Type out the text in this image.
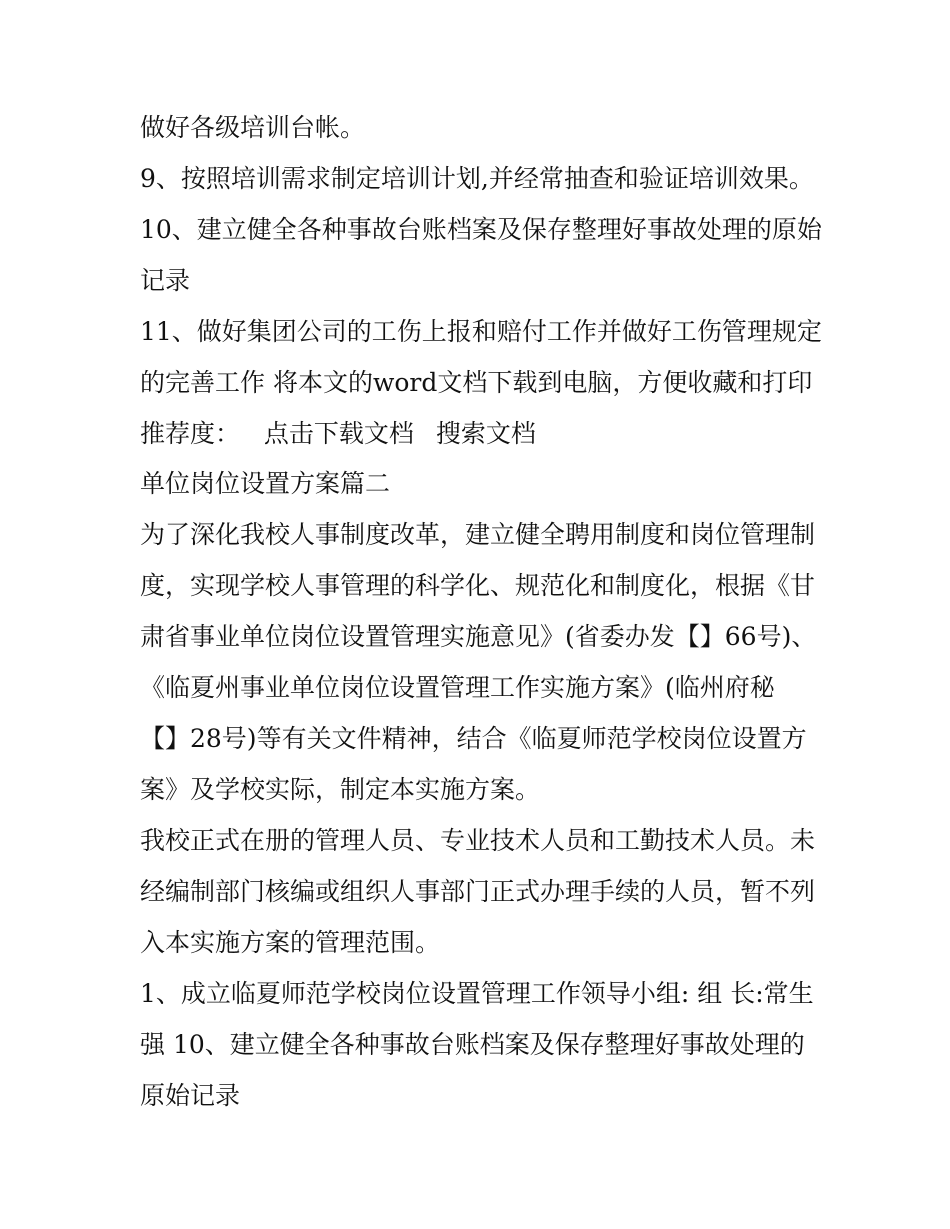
做好各级培训台帐。
9、按照培训需求制定培训计划,并经常抽查和验证培训效果。
10、建立健全各种事故台账档案及保存整理好事故处理的原始
记录
11、做好集团公司的工伤上报和赔付工作并做好工伤管理规定
的完善工作 将本文的word文档下载到电脑，方便收藏和打印
推荐度： 点击下载文档 搜索文档
单位岗位设置方案篇二
为了深化我校人事制度改革，建立健全聘用制度和岗位管理制
度，实现学校人事管理的科学化、规范化和制度化，根据《甘
肃省事业单位岗位设置管理实施意见》(省委办发【】66号)、
《临夏州事业单位岗位设置管理工作实施方案》(临州府秘
【】28号)等有关文件精神，结合《临夏师范学校岗位设置方
案》及学校实际，制定本实施方案。
我校正式在册的管理人员、专业技术人员和工勤技术人员。未
经编制部门核编或组织人事部门正式办理手续的人员，暂不列
入本实施方案的管理范围。
1、成立临夏师范学校岗位设置管理工作领导小组: 组 长:常生
强 10、建立健全各种事故台账档案及保存整理好事故处理的
原始记录
